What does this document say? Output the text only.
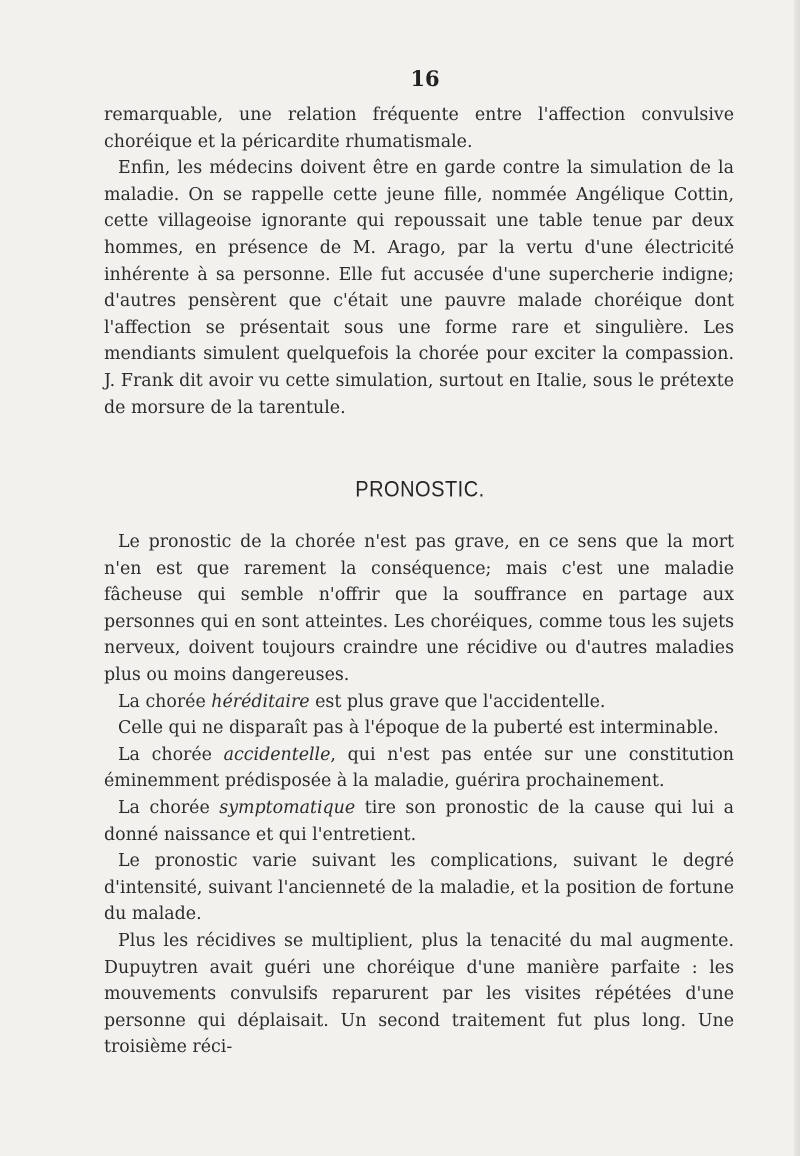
16

remarquable, une relation fréquente entre l'affection convulsive choréique et la péricardite rhumatismale.

Enfin, les médecins doivent être en garde contre la simulation de la maladie. On se rappelle cette jeune fille, nommée Angélique Cottin, cette villageoise ignorante qui repoussait une table tenue par deux hommes, en présence de M. Arago, par la vertu d'une électricité inhérente à sa personne. Elle fut accusée d'une supercherie indigne; d'autres pensèrent que c'était une pauvre malade choréique dont l'affection se présentait sous une forme rare et singulière. Les mendiants simulent quelquefois la chorée pour exciter la compassion. J. Frank dit avoir vu cette simulation, surtout en Italie, sous le prétexte de morsure de la tarentule.

PRONOSTIC.

Le pronostic de la chorée n'est pas grave, en ce sens que la mort n'en est que rarement la conséquence; mais c'est une maladie fâcheuse qui semble n'offrir que la souffrance en partage aux personnes qui en sont atteintes. Les choréiques, comme tous les sujets nerveux, doivent toujours craindre une récidive ou d'autres maladies plus ou moins dangereuses.

La chorée héréditaire est plus grave que l'accidentelle.

Celle qui ne disparaît pas à l'époque de la puberté est interminable.

La chorée accidentelle, qui n'est pas entée sur une constitution éminemment prédisposée à la maladie, guérira prochainement.

La chorée symptomatique tire son pronostic de la cause qui lui a donné naissance et qui l'entretient.

Le pronostic varie suivant les complications, suivant le degré d'intensité, suivant l'ancienneté de la maladie, et la position de fortune du malade.

Plus les récidives se multiplient, plus la tenacité du mal augmente. Dupuytren avait guéri une choréique d'une manière parfaite : les mouvements convulsifs reparurent par les visites répétées d'une personne qui déplaisait. Un second traitement fut plus long. Une troisième réci-
